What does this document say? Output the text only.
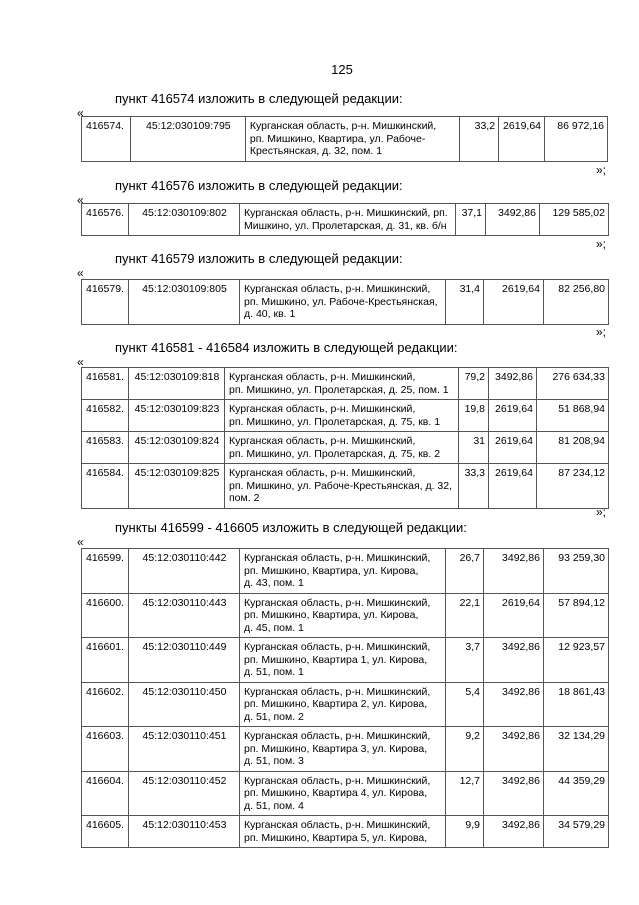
125
пункт 416574 изложить в следующей редакции:
«
416574.	45:12:030109:795	Курганская область, р-н. Мишкинский,
рп. Мишкино, Квартира, ул. Рабоче-
Крестьянская, д. 32, пом. 1
	33,2	2619,64	86 972,16
»;
пункт 416576 изложить в следующей редакции:
«
416576.	45:12:030109:802	Курганская область, р-н. Мишкинский, рп.
Мишкино, ул. Пролетарская, д. 31, кв. б/н
	37,1	3492,86	129 585,02
»;
пункт 416579 изложить в следующей редакции:
«
416579.	45:12:030109:805	Курганская область, р-н. Мишкинский,
рп. Мишкино, ул. Рабоче-Крестьянская,
д. 40, кв. 1
	31,4	2619,64	82 256,80
»;
пункт 416581 - 416584 изложить в следующей редакции:
«
416581.	45:12:030109:818	Курганская область, р-н. Мишкинский,
рп. Мишкино, ул. Пролетарская, д. 25, пом. 1	79,2	3492,86	276 634,33
416582.	45:12:030109:823	Курганская область, р-н. Мишкинский,
рп. Мишкино, ул. Пролетарская, д. 75, кв. 1	19,8	2619,64	51 868,94
416583.	45:12:030109:824	Курганская область, р-н. Мишкинский,
рп. Мишкино, ул. Пролетарская, д. 75, кв. 2	31	2619,64	81 208,94
416584.	45:12:030109:825	Курганская область, р-н. Мишкинский,
рп. Мишкино, ул. Рабоче-Крестьянская, д. 32,
пом. 2	33,3	2619,64	87 234,12
»;
пункты 416599 - 416605 изложить в следующей редакции:
«
416599.	45:12:030110:442	Курганская область, р-н. Мишкинский,
рп. Мишкино, Квартира, ул. Кирова,
д. 43, пом. 1	26,7	3492,86	93 259,30
416600.	45:12:030110:443	Курганская область, р-н. Мишкинский,
рп. Мишкино, Квартира, ул. Кирова,
д. 45, пом. 1	22,1	2619,64	57 894,12
416601.	45:12:030110:449	Курганская область, р-н. Мишкинский,
рп. Мишкино, Квартира 1, ул. Кирова,
д. 51, пом. 1	3,7	3492,86	12 923,57
416602.	45:12:030110:450	Курганская область, р-н. Мишкинский,
рп. Мишкино, Квартира 2, ул. Кирова,
д. 51, пом. 2	5,4	3492,86	18 861,43
416603.	45:12:030110:451	Курганская область, р-н. Мишкинский,
рп. Мишкино, Квартира 3, ул. Кирова,
д. 51, пом. 3	9,2	3492,86	32 134,29
416604.	45:12:030110:452	Курганская область, р-н. Мишкинский,
рп. Мишкино, Квартира 4, ул. Кирова,
д. 51, пом. 4	12,7	3492,86	44 359,29
416605.	45:12:030110:453	Курганская область, р-н. Мишкинский,
рп. Мишкино, Квартира 5, ул. Кирова,	9,9	3492,86	34 579,29
